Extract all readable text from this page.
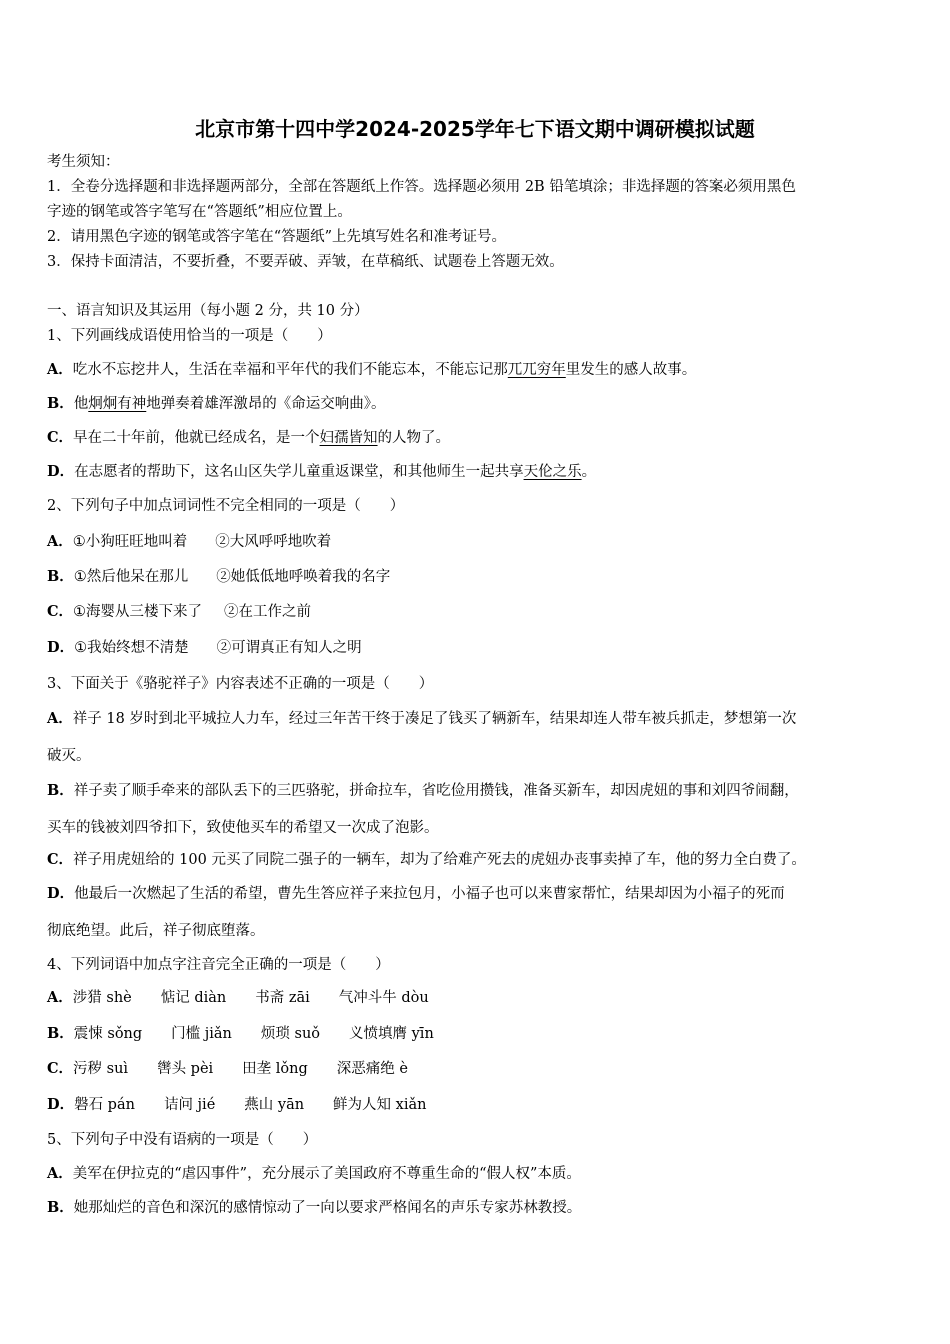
北京市第十四中学2024-2025学年七下语文期中调研模拟试题
考生须知：
1．全卷分选择题和非选择题两部分，全部在答题纸上作答。选择题必须用 2B 铅笔填涂；非选择题的答案必须用黑色
字迹的钢笔或答字笔写在“答题纸”相应位置上。
2．请用黑色字迹的钢笔或答字笔在“答题纸”上先填写姓名和准考证号。
3．保持卡面清洁，不要折叠，不要弄破、弄皱，在草稿纸、试题卷上答题无效。
一、语言知识及其运用（每小题 2 分，共 10 分）
1、下列画线成语使用恰当的一项是（　　）
A．吃水不忘挖井人，生活在幸福和平年代的我们不能忘本，不能忘记那兀兀穷年里发生的感人故事。
B．他炯炯有神地弹奏着雄浑激昂的《命运交响曲》。
C．早在二十年前，他就已经成名，是一个妇孺皆知的人物了。
D．在志愿者的帮助下，这名山区失学儿童重返课堂，和其他师生一起共享天伦之乐。
2、下列句子中加点词词性不完全相同的一项是（　　）
A．①小狗旺旺地叫着 ②大风呼呼地吹着
B．①然后他呆在那儿 ②她低低地呼唤着我的名字
C．①海婴从三楼下来了 ②在工作之前
D．①我始终想不清楚 ②可谓真正有知人之明
3、下面关于《骆驼祥子》内容表述不正确的一项是（　　）
A．祥子 18 岁时到北平城拉人力车，经过三年苦干终于凑足了钱买了辆新车，结果却连人带车被兵抓走，梦想第一次
破灭。
B．祥子卖了顺手牵来的部队丢下的三匹骆驼，拼命拉车，省吃俭用攒钱，准备买新车，却因虎妞的事和刘四爷闹翻，
买车的钱被刘四爷扣下，致使他买车的希望又一次成了泡影。
C．祥子用虎妞给的 100 元买了同院二强子的一辆车，却为了给难产死去的虎妞办丧事卖掉了车，他的努力全白费了。
D．他最后一次燃起了生活的希望，曹先生答应祥子来拉包月，小福子也可以来曹家帮忙，结果却因为小福子的死而
彻底绝望。此后，祥子彻底堕落。
4、下列词语中加点字注音完全正确的一项是（　　）
A．涉猎 shè　　惦记 diàn　　书斋 zāi　　气冲斗牛 dòu
B．震悚 sǒng　　门槛 jiǎn　　烦琐 suǒ　　义愤填膺 yīn
C．污秽 suì　　辔头 pèi　　田垄 lǒng　　深恶痛绝 è
D．磐石 pán　　诘问 jié　　燕山 yān　　鲜为人知 xiǎn
5、下列句子中没有语病的一项是（　　）
A．美军在伊拉克的“虐囚事件”，充分展示了美国政府不尊重生命的“假人权”本质。
B．她那灿烂的音色和深沉的感情惊动了一向以要求严格闻名的声乐专家苏林教授。
